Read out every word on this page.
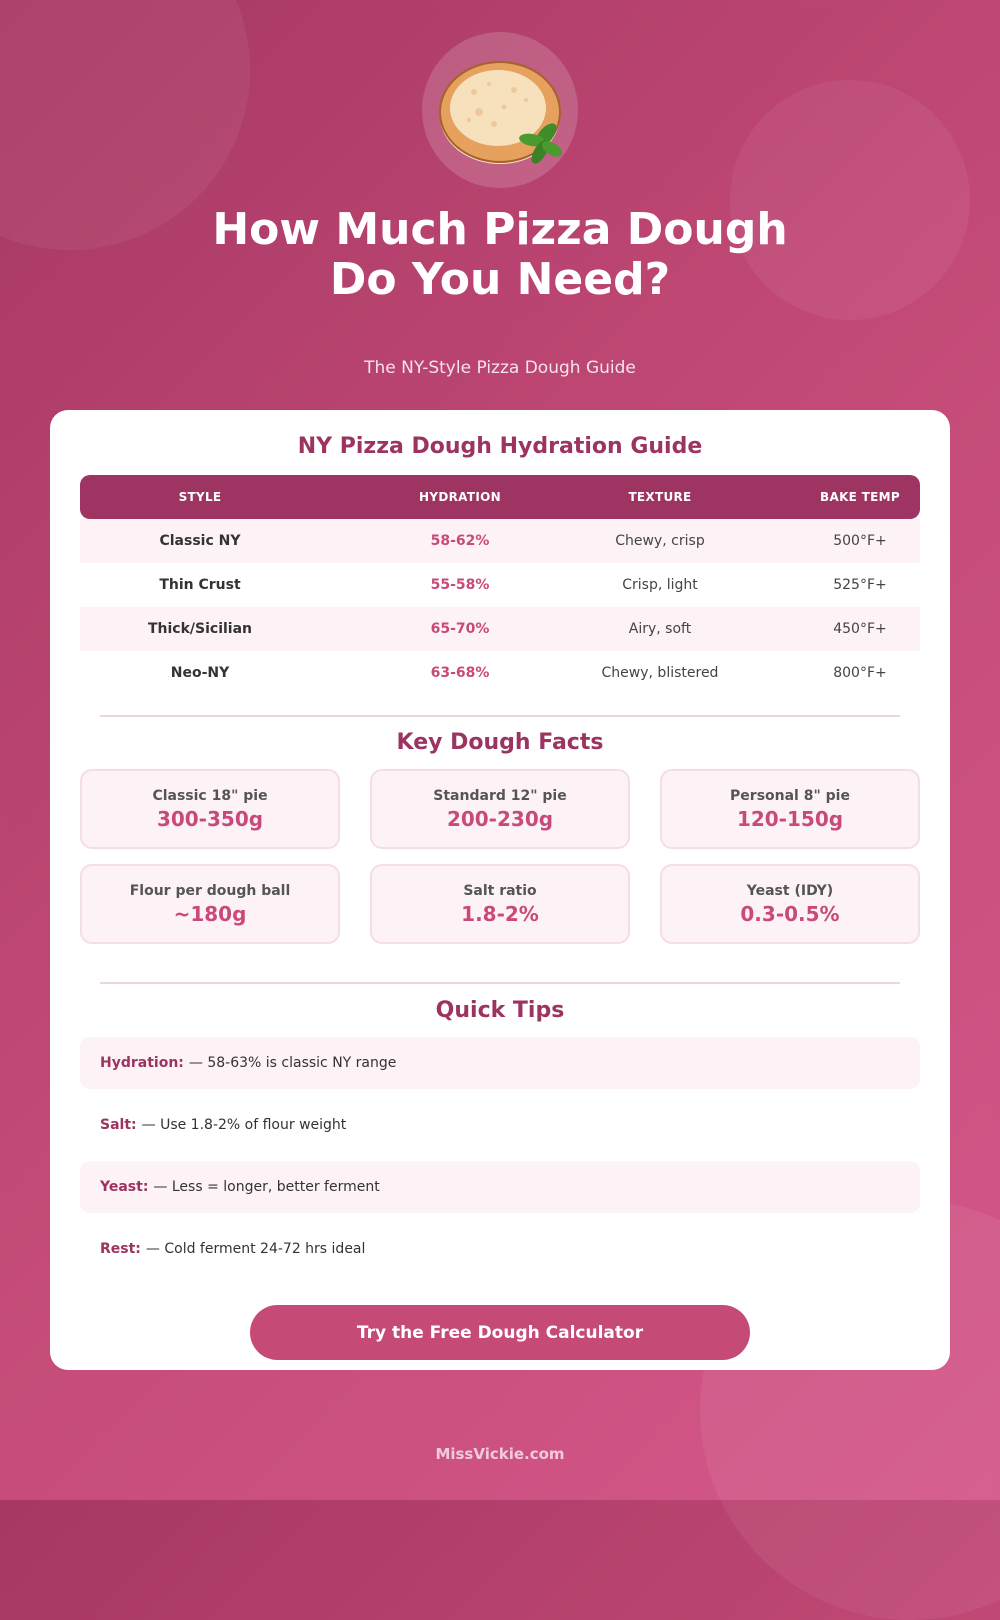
How Much Pizza Dough Do You Need?
The NY-Style Pizza Dough Guide
NY Pizza Dough Hydration Guide
STYLE	HYDRATION	TEXTURE	BAKE TEMP
Classic NY	58-62%	Chewy, crisp	500°F+
Thin Crust	55-58%	Crisp, light	525°F+
Thick/Sicilian	65-70%	Airy, soft	450°F+
Neo-NY	63-68%	Chewy, blistered	800°F+
Key Dough Facts
Classic 18" pie
300-350g
Standard 12" pie
200-230g
Personal 8" pie
120-150g
Flour per dough ball
~180g
Salt ratio
1.8-2%
Yeast (IDY)
0.3-0.5%
Quick Tips
Hydration: — 58-63% is classic NY range
Salt: — Use 1.8-2% of flour weight
Yeast: — Less = longer, better ferment
Rest: — Cold ferment 24-72 hrs ideal
Try the Free Dough Calculator
MissVickie.com
